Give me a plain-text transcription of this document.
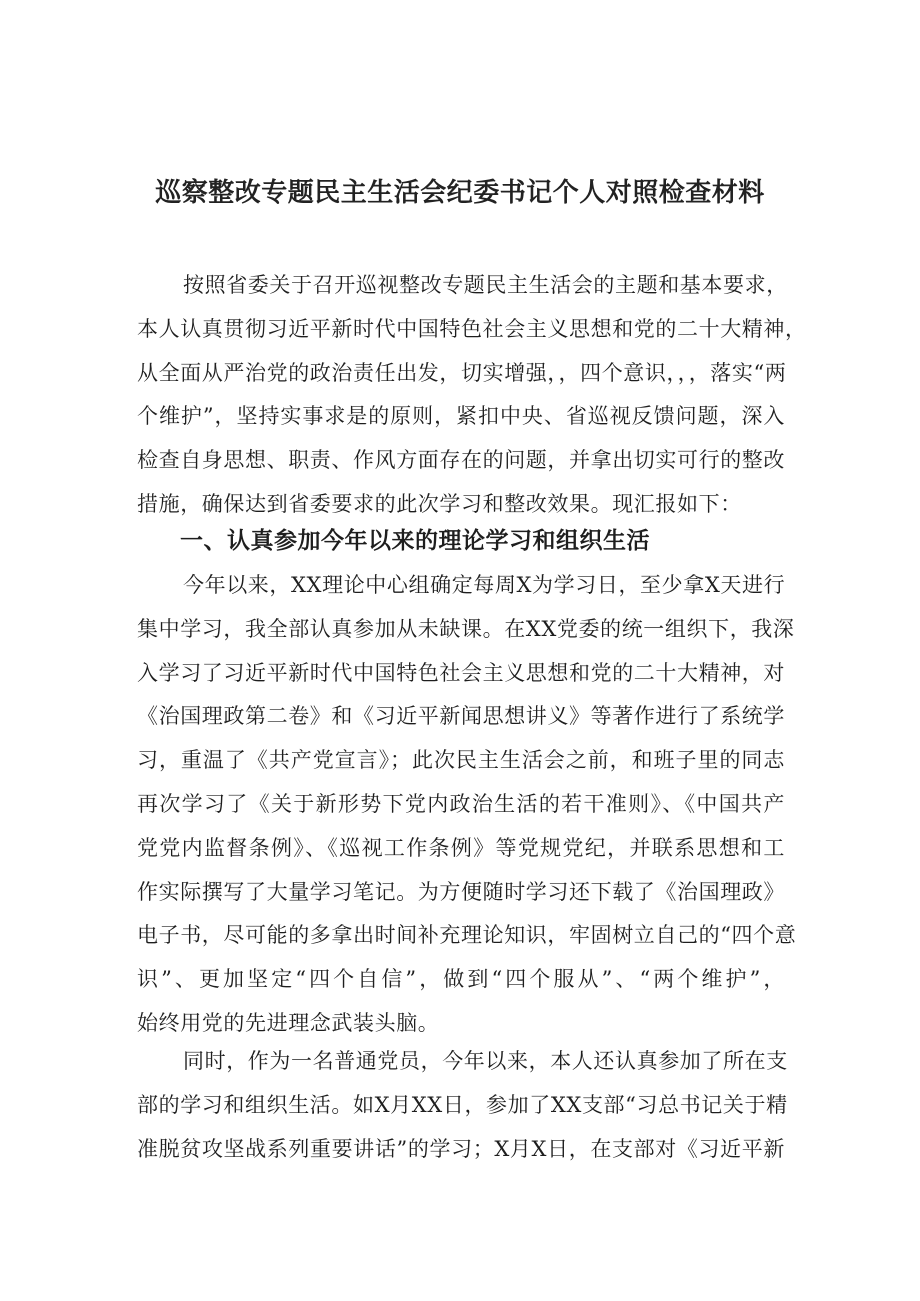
巡察整改专题民主生活会纪委书记个人对照检查材料
按照省委关于召开巡视整改专题民主生活会的主题和基本要求，
本人认真贯彻习近平新时代中国特色社会主义思想和党的二十大精神，
从全面从严治党的政治责任出发，切实增强，，四个意识，，，落实“两
个维护”，坚持实事求是的原则，紧扣中央、省巡视反馈问题，深入
检查自身思想、职责、作风方面存在的问题，并拿出切实可行的整改
措施，确保达到省委要求的此次学习和整改效果。现汇报如下：
一、认真参加今年以来的理论学习和组织生活
今年以来，XX理论中心组确定每周X为学习日，至少拿X天进行
集中学习，我全部认真参加从未缺课。在XX党委的统一组织下，我深
入学习了习近平新时代中国特色社会主义思想和党的二十大精神，对
《治国理政第二卷》和《习近平新闻思想讲义》等著作进行了系统学
习，重温了《共产党宣言》；此次民主生活会之前，和班子里的同志
再次学习了《关于新形势下党内政治生活的若干准则》、《中国共产
党党内监督条例》、《巡视工作条例》等党规党纪，并联系思想和工
作实际撰写了大量学习笔记。为方便随时学习还下载了《治国理政》
电子书，尽可能的多拿出时间补充理论知识，牢固树立自己的“四个意
识”、更加坚定“四个自信”，做到“四个服从”、“两个维护”，
始终用党的先进理念武装头脑。
同时，作为一名普通党员，今年以来，本人还认真参加了所在支
部的学习和组织生活。如X月XX日，参加了XX支部“习总书记关于精
准脱贫攻坚战系列重要讲话”的学习；X月X日，在支部对《习近平新
